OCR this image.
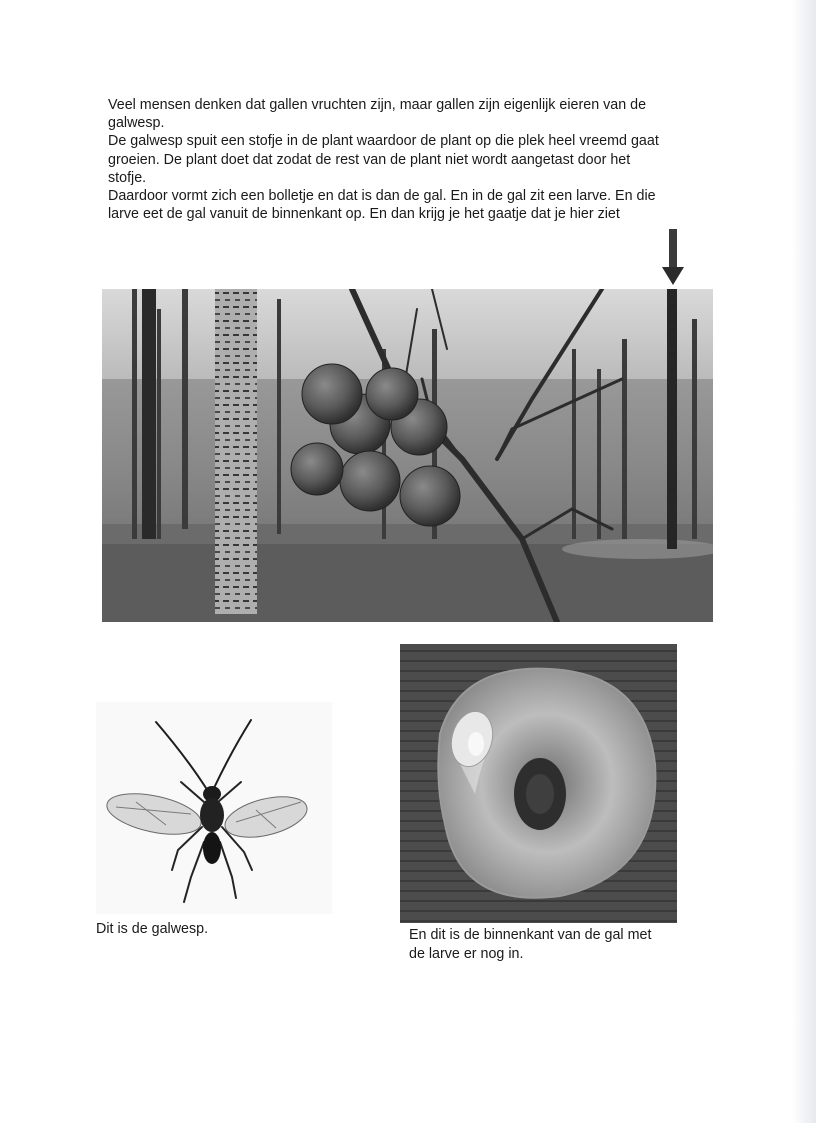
Veel mensen denken dat gallen vruchten zijn, maar gallen zijn eigenlijk eieren van de
galwesp.

De galwesp spuit een stofje in de plant waardoor de plant op die plek heel vreemd gaat
groeien. De plant doet dat zodat de rest van de plant niet wordt aangetast door het
stofje.

Daardoor vormt zich een bolletje en dat is dan de gal. En in de gal zit een larve. En die
larve eet de gal vanuit de binnenkant op. En dan krijg je het gaatje dat je hier ziet

Dit is de galwesp.	En dit is de binnenkant van de gal met
de larve er nog in.
